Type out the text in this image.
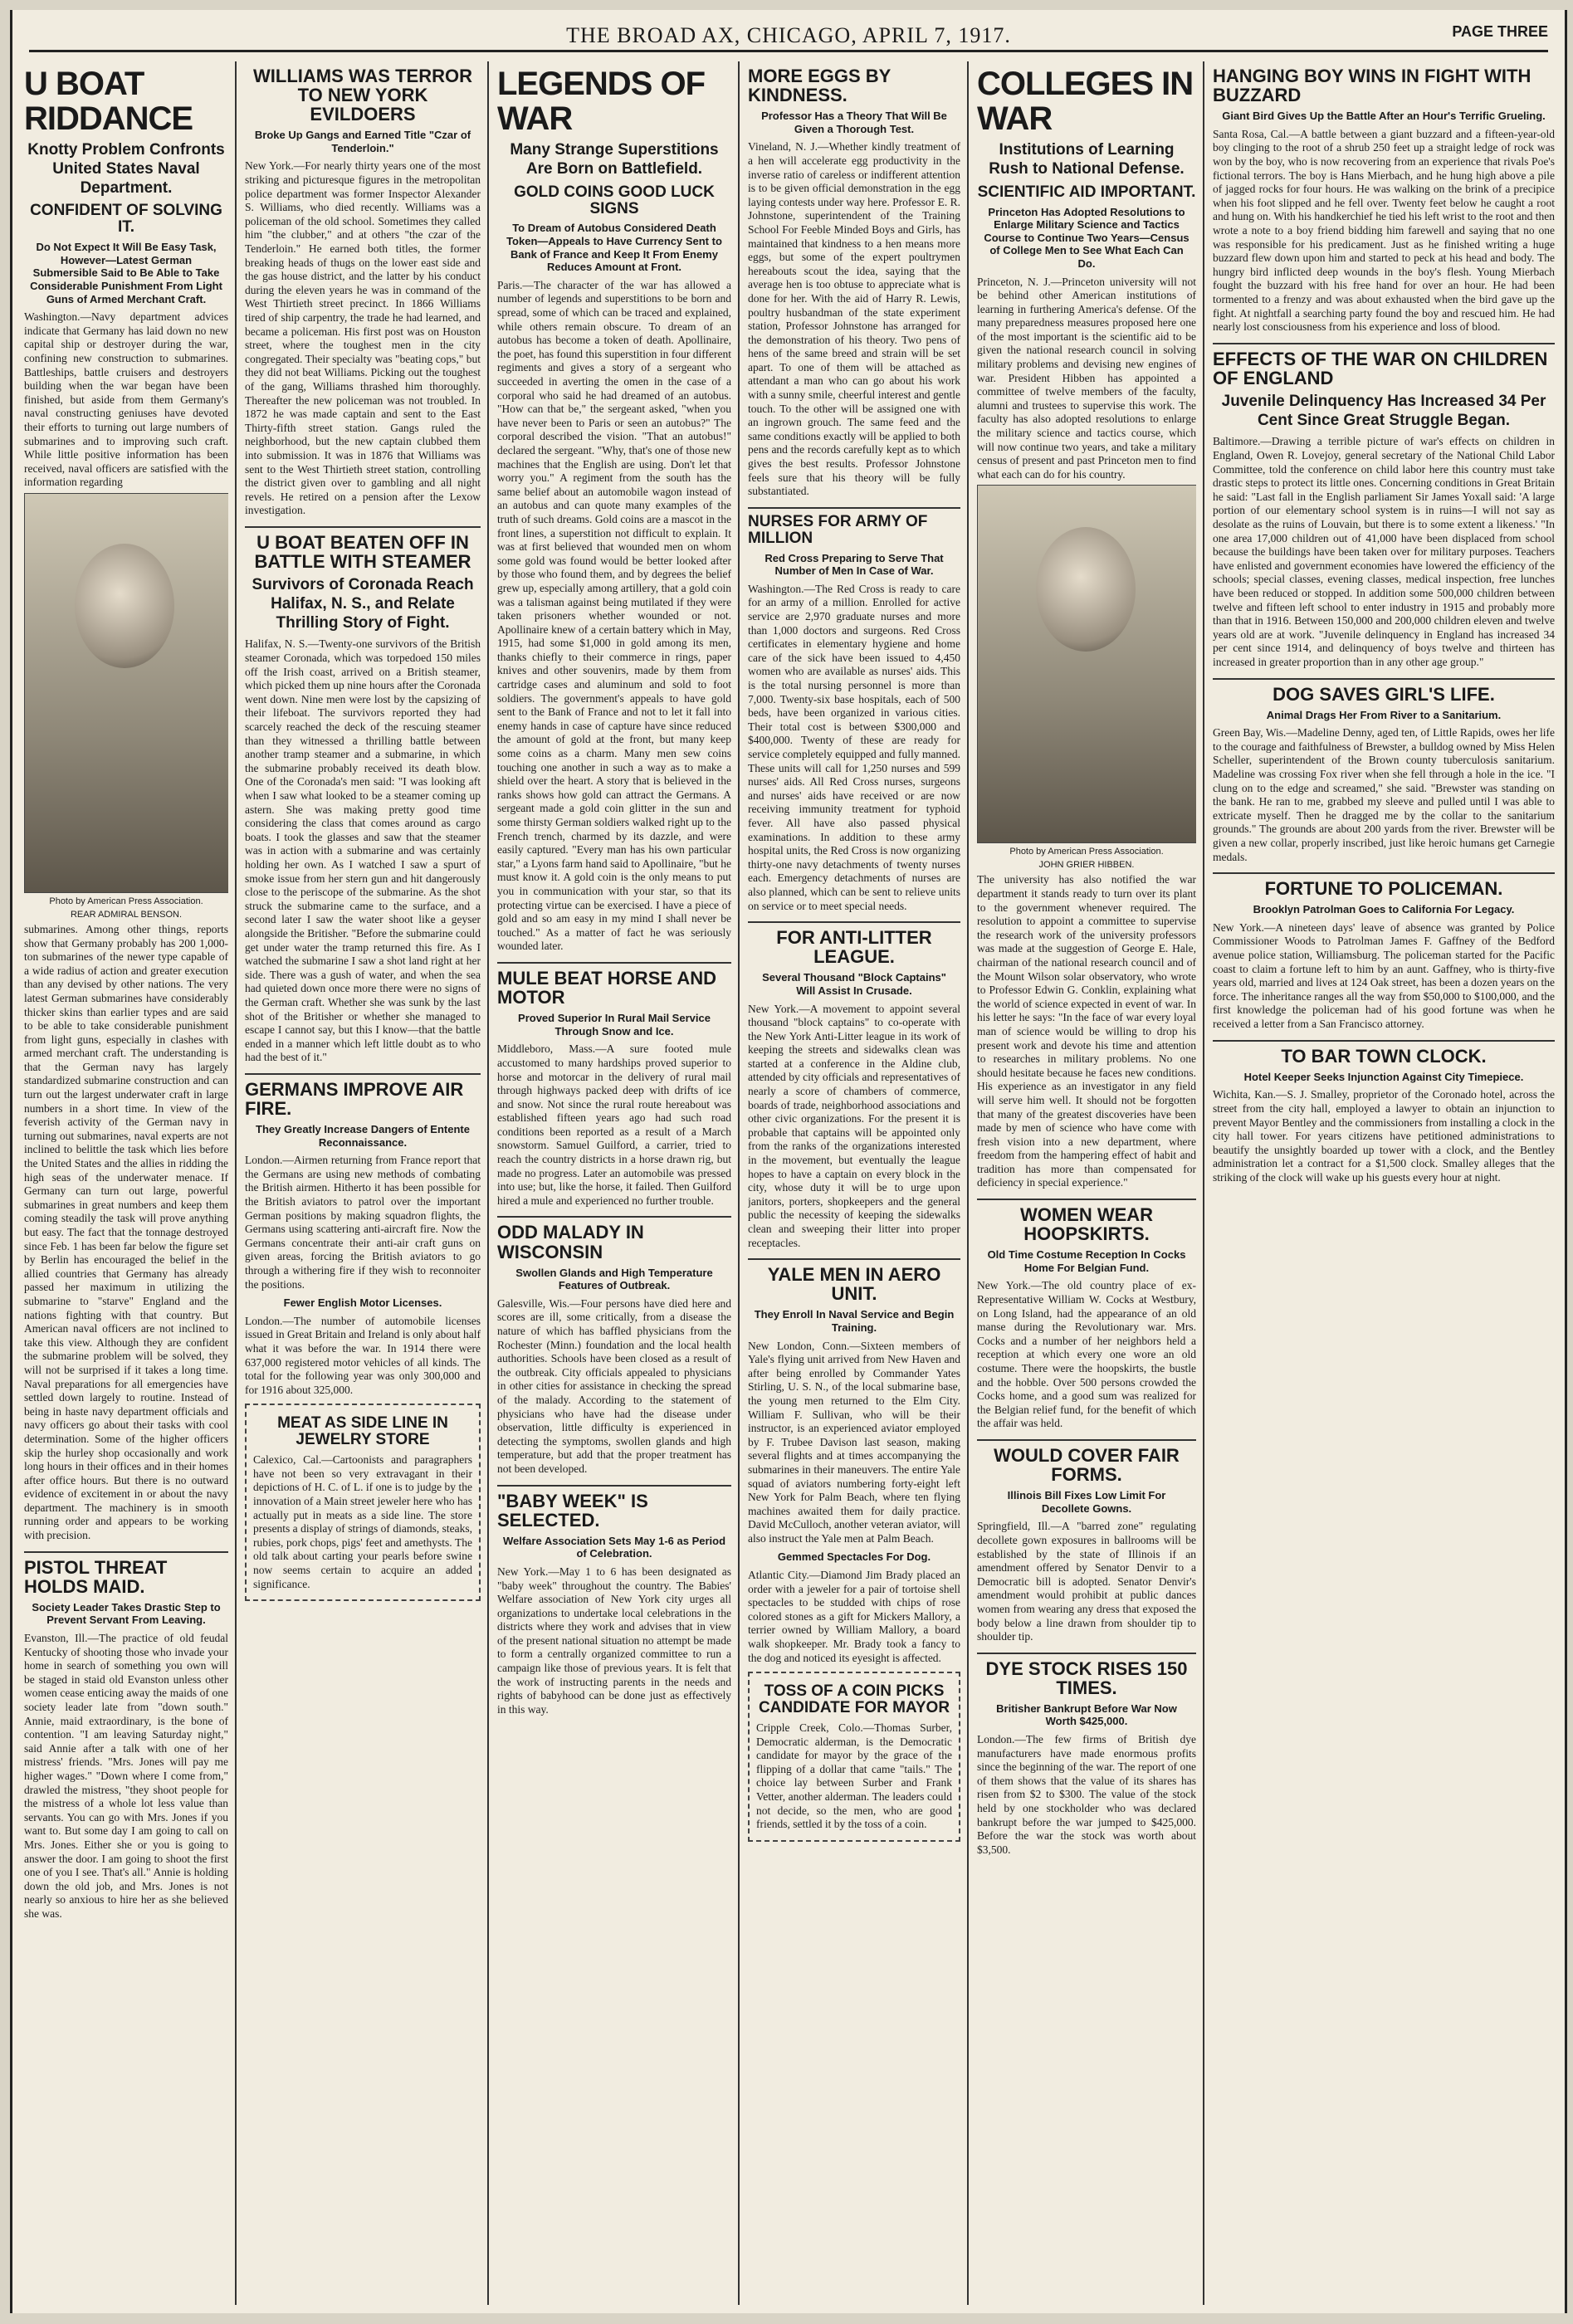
THE BROAD AX, CHICAGO, APRIL 7, 1917.	PAGE THREE
U BOAT RIDDANCE
Knotty Problem Confronts United States Naval Department.
CONFIDENT OF SOLVING IT.
Do Not Expect It Will Be Easy Task, However—Latest German Submersible Said to Be Able to Take Considerable Punishment From Light Guns of Armed Merchant Craft.
Washington.—Navy department advices indicate that Germany has laid down no new capital ship or destroyer during the war, confining new construction to submarines. Battleships, battle cruisers and destroyers building when the war began have been finished, but aside from them Germany's naval constructing geniuses have devoted their efforts to turning out large numbers of submarines and to improving such craft. While little positive information has been received, naval officers are satisfied with the information regarding
Photo by American Press Association.
REAR ADMIRAL BENSON.
submarines. Among other things, reports show that Germany probably has 200 1,000-ton submarines of the newer type capable of a wide radius of action and greater execution than any devised by other nations. The very latest German submarines have considerably thicker skins than earlier types and are said to be able to take considerable punishment from light guns, especially in clashes with armed merchant craft. The understanding is that the German navy has largely standardized submarine construction and can turn out the largest underwater craft in large numbers in a short time. In view of the feverish activity of the German navy in turning out submarines, naval experts are not inclined to belittle the task which lies before the United States and the allies in ridding the high seas of the underwater menace. If Germany can turn out large, powerful submarines in great numbers and keep them coming steadily the task will prove anything but easy. The fact that the tonnage destroyed since Feb. 1 has been far below the figure set by Berlin has encouraged the belief in the allied countries that Germany has already passed her maximum in utilizing the submarine to "starve" England and the nations fighting with that country. But American naval officers are not inclined to take this view. Although they are confident the submarine problem will be solved, they will not be surprised if it takes a long time. Naval preparations for all emergencies have settled down largely to routine. Instead of being in haste navy department officials and navy officers go about their tasks with cool determination. Some of the higher officers skip the hurley shop occasionally and work long hours in their offices and in their homes after office hours. But there is no outward evidence of excitement in or about the navy department. The machinery is in smooth running order and appears to be working with precision.
PISTOL THREAT HOLDS MAID.
Society Leader Takes Drastic Step to Prevent Servant From Leaving.
Evanston, Ill.—The practice of old feudal Kentucky of shooting those who invade your home in search of something you own will be staged in staid old Evanston unless other women cease enticing away the maids of one society leader late from "down south." Annie, maid extraordinary, is the bone of contention. "I am leaving Saturday night," said Annie after a talk with one of her mistress' friends. "Mrs. Jones will pay me higher wages." "Down where I come from," drawled the mistress, "they shoot people for the mistress of a whole lot less value than servants. You can go with Mrs. Jones if you want to. But some day I am going to call on Mrs. Jones. Either she or you is going to answer the door. I am going to shoot the first one of you I see. That's all." Annie is holding down the old job, and Mrs. Jones is not nearly so anxious to hire her as she believed she was.
WILLIAMS WAS TERROR TO NEW YORK EVILDOERS
Broke Up Gangs and Earned Title "Czar of Tenderloin."
New York.—For nearly thirty years one of the most striking and picturesque figures in the metropolitan police department was former Inspector Alexander S. Williams, who died recently. Williams was a policeman of the old school. Sometimes they called him "the clubber," and at others "the czar of the Tenderloin." He earned both titles, the former breaking heads of thugs on the lower east side and the gas house district, and the latter by his conduct during the eleven years he was in command of the West Thirtieth street precinct. In 1866 Williams tired of ship carpentry, the trade he had learned, and became a policeman. His first post was on Houston street, where the toughest men in the city congregated. Their specialty was "beating cops," but they did not beat Williams. Picking out the toughest of the gang, Williams thrashed him thoroughly. Thereafter the new policeman was not troubled. In 1872 he was made captain and sent to the East Thirty-fifth street station. Gangs ruled the neighborhood, but the new captain clubbed them into submission. It was in 1876 that Williams was sent to the West Thirtieth street station, controlling the district given over to gambling and all night revels. He retired on a pension after the Lexow investigation.
U BOAT BEATEN OFF IN BATTLE WITH STEAMER
Survivors of Coronada Reach Halifax, N. S., and Relate Thrilling Story of Fight.
Halifax, N. S.—Twenty-one survivors of the British steamer Coronada, which was torpedoed 150 miles off the Irish coast, arrived on a British steamer, which picked them up nine hours after the Coronada went down. Nine men were lost by the capsizing of their lifeboat. The survivors reported they had scarcely reached the deck of the rescuing steamer than they witnessed a thrilling battle between another tramp steamer and a submarine, in which the submarine probably received its death blow. One of the Coronada's men said: "I was looking aft when I saw what looked to be a steamer coming up astern. She was making pretty good time considering the class that comes around as cargo boats. I took the glasses and saw that the steamer was in action with a submarine and was certainly holding her own. As I watched I saw a spurt of smoke issue from her stern gun and hit dangerously close to the periscope of the submarine. As the shot struck the submarine came to the surface, and a second later I saw the water shoot like a geyser alongside the Britisher. "Before the submarine could get under water the tramp returned this fire. As I watched the submarine I saw a shot land right at her side. There was a gush of water, and when the sea had quieted down once more there were no signs of the German craft. Whether she was sunk by the last shot of the Britisher or whether she managed to escape I cannot say, but this I know—that the battle ended in a manner which left little doubt as to who had the best of it."
GERMANS IMPROVE AIR FIRE.
They Greatly Increase Dangers of Entente Reconnaissance.
London.—Airmen returning from France report that the Germans are using new methods of combating the British airmen. Hitherto it has been possible for the British aviators to patrol over the important German positions by making squadron flights, the Germans using scattering anti-aircraft fire. Now the Germans concentrate their anti-air craft guns on given areas, forcing the British aviators to go through a withering fire if they wish to reconnoiter the positions.
Fewer English Motor Licenses.
London.—The number of automobile licenses issued in Great Britain and Ireland is only about half what it was before the war. In 1914 there were 637,000 registered motor vehicles of all kinds. The total for the following year was only 300,000 and for 1916 about 325,000.
MEAT AS SIDE LINE IN JEWELRY STORE
Calexico, Cal.—Cartoonists and paragraphers have not been so very extravagant in their depictions of H. C. of L. if one is to judge by the innovation of a Main street jeweler here who has actually put in meats as a side line. The store presents a display of strings of diamonds, steaks, rubies, pork chops, pigs' feet and amethysts. The old talk about carting your pearls before swine now seems certain to acquire an added significance.
LEGENDS OF WAR
Many Strange Superstitions Are Born on Battlefield.
GOLD COINS GOOD LUCK SIGNS
To Dream of Autobus Considered Death Token—Appeals to Have Currency Sent to Bank of France and Keep It From Enemy Reduces Amount at Front.
Paris.—The character of the war has allowed a number of legends and superstitions to be born and spread, some of which can be traced and explained, while others remain obscure. To dream of an autobus has become a token of death. Apollinaire, the poet, has found this superstition in four different regiments and gives a story of a sergeant who succeeded in averting the omen in the case of a corporal who said he had dreamed of an autobus. "How can that be," the sergeant asked, "when you have never been to Paris or seen an autobus?" The corporal described the vision. "That an autobus!" declared the sergeant. "Why, that's one of those new machines that the English are using. Don't let that worry you." A regiment from the south has the same belief about an automobile wagon instead of an autobus and can quote many examples of the truth of such dreams. Gold coins are a mascot in the front lines, a superstition not difficult to explain. It was at first believed that wounded men on whom some gold was found would be better looked after by those who found them, and by degrees the belief grew up, especially among artillery, that a gold coin was a talisman against being mutilated if they were taken prisoners whether wounded or not. Apollinaire knew of a certain battery which in May, 1915, had some $1,000 in gold among its men, thanks chiefly to their commerce in rings, paper knives and other souvenirs, made by them from cartridge cases and aluminum and sold to foot soldiers. The government's appeals to have gold sent to the Bank of France and not to let it fall into enemy hands in case of capture have since reduced the amount of gold at the front, but many keep some coins as a charm. Many men sew coins touching one another in such a way as to make a shield over the heart. A story that is believed in the ranks shows how gold can attract the Germans. A sergeant made a gold coin glitter in the sun and some thirsty German soldiers walked right up to the French trench, charmed by its dazzle, and were easily captured. "Every man has his own particular star," a Lyons farm hand said to Apollinaire, "but he must know it. A gold coin is the only means to put you in communication with your star, so that its protecting virtue can be exercised. I have a piece of gold and so am easy in my mind I shall never be touched." As a matter of fact he was seriously wounded later.
MULE BEAT HORSE AND MOTOR
Proved Superior In Rural Mail Service Through Snow and Ice.
Middleboro, Mass.—A sure footed mule accustomed to many hardships proved superior to horse and motorcar in the delivery of rural mail through highways packed deep with drifts of ice and snow. Not since the rural route hereabout was established fifteen years ago had such road conditions been reported as a result of a March snowstorm. Samuel Guilford, a carrier, tried to reach the country districts in a horse drawn rig, but made no progress. Later an automobile was pressed into use; but, like the horse, it failed. Then Guilford hired a mule and experienced no further trouble.
ODD MALADY IN WISCONSIN
Swollen Glands and High Temperature Features of Outbreak.
Galesville, Wis.—Four persons have died here and scores are ill, some critically, from a disease the nature of which has baffled physicians from the Rochester (Minn.) foundation and the local health authorities. Schools have been closed as a result of the outbreak. City officials appealed to physicians in other cities for assistance in checking the spread of the malady. According to the statement of physicians who have had the disease under observation, little difficulty is experienced in detecting the symptoms, swollen glands and high temperature, but add that the proper treatment has not been developed.
"BABY WEEK" IS SELECTED.
Welfare Association Sets May 1-6 as Period of Celebration.
New York.—May 1 to 6 has been designated as "baby week" throughout the country. The Babies' Welfare association of New York city urges all organizations to undertake local celebrations in the districts where they work and advises that in view of the present national situation no attempt be made to form a centrally organized committee to run a campaign like those of previous years. It is felt that the work of instructing parents in the needs and rights of babyhood can be done just as effectively in this way.
MORE EGGS BY KINDNESS.
Professor Has a Theory That Will Be Given a Thorough Test.
Vineland, N. J.—Whether kindly treatment of a hen will accelerate egg productivity in the inverse ratio of careless or indifferent attention is to be given official demonstration in the egg laying contests under way here. Professor E. R. Johnstone, superintendent of the Training School For Feeble Minded Boys and Girls, has maintained that kindness to a hen means more eggs, but some of the expert poultrymen hereabouts scout the idea, saying that the average hen is too obtuse to appreciate what is done for her. With the aid of Harry R. Lewis, poultry husbandman of the state experiment station, Professor Johnstone has arranged for the demonstration of his theory. Two pens of hens of the same breed and strain will be set apart. To one of them will be attached as attendant a man who can go about his work with a sunny smile, cheerful interest and gentle touch. To the other will be assigned one with an ingrown grouch. The same feed and the same conditions exactly will be applied to both pens and the records carefully kept as to which gives the best results. Professor Johnstone feels sure that his theory will be fully substantiated.
NURSES FOR ARMY OF MILLION
Red Cross Preparing to Serve That Number of Men In Case of War.
Washington.—The Red Cross is ready to care for an army of a million. Enrolled for active service are 2,970 graduate nurses and more than 1,000 doctors and surgeons. Red Cross certificates in elementary hygiene and home care of the sick have been issued to 4,450 women who are available as nurses' aids. This is the total nursing personnel is more than 7,000. Twenty-six base hospitals, each of 500 beds, have been organized in various cities. Their total cost is between $300,000 and $400,000. Twenty of these are ready for service completely equipped and fully manned. These units will call for 1,250 nurses and 599 nurses' aids. All Red Cross nurses, surgeons and nurses' aids have received or are now receiving immunity treatment for typhoid fever. All have also passed physical examinations. In addition to these army hospital units, the Red Cross is now organizing thirty-one navy detachments of twenty nurses each. Emergency detachments of nurses are also planned, which can be sent to relieve units on service or to meet special needs.
FOR ANTI-LITTER LEAGUE.
Several Thousand "Block Captains" Will Assist In Crusade.
New York.—A movement to appoint several thousand "block captains" to co-operate with the New York Anti-Litter league in its work of keeping the streets and sidewalks clean was started at a conference in the Aldine club, attended by city officials and representatives of nearly a score of chambers of commerce, boards of trade, neighborhood associations and other civic organizations. For the present it is probable that captains will be appointed only from the ranks of the organizations interested in the movement, but eventually the league hopes to have a captain on every block in the city, whose duty it will be to urge upon janitors, porters, shopkeepers and the general public the necessity of keeping the sidewalks clean and sweeping their litter into proper receptacles.
YALE MEN IN AERO UNIT.
They Enroll In Naval Service and Begin Training.
New London, Conn.—Sixteen members of Yale's flying unit arrived from New Haven and after being enrolled by Commander Yates Stirling, U. S. N., of the local submarine base, the young men returned to the Elm City. William F. Sullivan, who will be their instructor, is an experienced aviator employed by F. Trubee Davison last season, making several flights and at times accompanying the submarines in their maneuvers. The entire Yale squad of aviators numbering forty-eight left New York for Palm Beach, where ten flying machines awaited them for daily practice. David McCulloch, another veteran aviator, will also instruct the Yale men at Palm Beach.
Gemmed Spectacles For Dog.
Atlantic City.—Diamond Jim Brady placed an order with a jeweler for a pair of tortoise shell spectacles to be studded with chips of rose colored stones as a gift for Mickers Mallory, a terrier owned by William Mallory, a board walk shopkeeper. Mr. Brady took a fancy to the dog and noticed its eyesight is affected.
TOSS OF A COIN PICKS CANDIDATE FOR MAYOR
Cripple Creek, Colo.—Thomas Surber, Democratic alderman, is the Democratic candidate for mayor by the grace of the flipping of a dollar that came "tails." The choice lay between Surber and Frank Vetter, another alderman. The leaders could not decide, so the men, who are good friends, settled it by the toss of a coin.
COLLEGES IN WAR
Institutions of Learning Rush to National Defense.
SCIENTIFIC AID IMPORTANT.
Princeton Has Adopted Resolutions to Enlarge Military Science and Tactics Course to Continue Two Years—Census of College Men to See What Each Can Do.
Princeton, N. J.—Princeton university will not be behind other American institutions of learning in furthering America's defense. Of the many preparedness measures proposed here one of the most important is the scientific aid to be given the national research council in solving military problems and devising new engines of war. President Hibben has appointed a committee of twelve members of the faculty, alumni and trustees to supervise this work. The faculty has also adopted resolutions to enlarge the military science and tactics course, which will now continue two years, and take a military census of present and past Princeton men to find what each can do for his country.
Photo by American Press Association.
JOHN GRIER HIBBEN.
The university has also notified the war department it stands ready to turn over its plant to the government whenever required. The resolution to appoint a committee to supervise the research work of the university professors was made at the suggestion of George E. Hale, chairman of the national research council and of the Mount Wilson solar observatory, who wrote to Professor Edwin G. Conklin, explaining what the world of science expected in event of war. In his letter he says: "In the face of war every loyal man of science would be willing to drop his present work and devote his time and attention to researches in military problems. No one should hesitate because he faces new conditions. His experience as an investigator in any field will serve him well. It should not be forgotten that many of the greatest discoveries have been made by men of science who have come with fresh vision into a new department, where freedom from the hampering effect of habit and tradition has more than compensated for deficiency in special experience."
WOMEN WEAR HOOPSKIRTS.
Old Time Costume Reception In Cocks Home For Belgian Fund.
New York.—The old country place of ex-Representative William W. Cocks at Westbury, on Long Island, had the appearance of an old manse during the Revolutionary war. Mrs. Cocks and a number of her neighbors held a reception at which every one wore an old costume. There were the hoopskirts, the bustle and the hobble. Over 500 persons crowded the Cocks home, and a good sum was realized for the Belgian relief fund, for the benefit of which the affair was held.
WOULD COVER FAIR FORMS.
Illinois Bill Fixes Low Limit For Decollete Gowns.
Springfield, Ill.—A "barred zone" regulating decollete gown exposures in ballrooms will be established by the state of Illinois if an amendment offered by Senator Denvir to a Democratic bill is adopted. Senator Denvir's amendment would prohibit at public dances women from wearing any dress that exposed the body below a line drawn from shoulder tip to shoulder tip.
DYE STOCK RISES 150 TIMES.
Britisher Bankrupt Before War Now Worth $425,000.
London.—The few firms of British dye manufacturers have made enormous profits since the beginning of the war. The report of one of them shows that the value of its shares has risen from $2 to $300. The value of the stock held by one stockholder who was declared bankrupt before the war jumped to $425,000. Before the war the stock was worth about $3,500.
HANGING BOY WINS IN FIGHT WITH BUZZARD
Giant Bird Gives Up the Battle After an Hour's Terrific Grueling.
Santa Rosa, Cal.—A battle between a giant buzzard and a fifteen-year-old boy clinging to the root of a shrub 250 feet up a straight ledge of rock was won by the boy, who is now recovering from an experience that rivals Poe's fictional terrors. The boy is Hans Mierbach, and he hung high above a pile of jagged rocks for four hours. He was walking on the brink of a precipice when his foot slipped and he fell over. Twenty feet below he caught a root and hung on. With his handkerchief he tied his left wrist to the root and then wrote a note to a boy friend bidding him farewell and saying that no one was responsible for his predicament. Just as he finished writing a huge buzzard flew down upon him and started to peck at his head and body. The hungry bird inflicted deep wounds in the boy's flesh. Young Mierbach fought the buzzard with his free hand for over an hour. He had been tormented to a frenzy and was about exhausted when the bird gave up the fight. At nightfall a searching party found the boy and rescued him. He had nearly lost consciousness from his experience and loss of blood.
EFFECTS OF THE WAR ON CHILDREN OF ENGLAND
Juvenile Delinquency Has Increased 34 Per Cent Since Great Struggle Began.
Baltimore.—Drawing a terrible picture of war's effects on children in England, Owen R. Lovejoy, general secretary of the National Child Labor Committee, told the conference on child labor here this country must take drastic steps to protect its little ones. Concerning conditions in Great Britain he said: "Last fall in the English parliament Sir James Yoxall said: 'A large portion of our elementary school system is in ruins—I will not say as desolate as the ruins of Louvain, but there is to some extent a likeness.' "In one area 17,000 children out of 41,000 have been displaced from school because the buildings have been taken over for military purposes. Teachers have enlisted and government economies have lowered the efficiency of the schools; special classes, evening classes, medical inspection, free lunches have been reduced or stopped. In addition some 500,000 children between twelve and fifteen left school to enter industry in 1915 and probably more than that in 1916. Between 150,000 and 200,000 children eleven and twelve years old are at work. "Juvenile delinquency in England has increased 34 per cent since 1914, and delinquency of boys twelve and thirteen has increased in greater proportion than in any other age group."
DOG SAVES GIRL'S LIFE.
Animal Drags Her From River to a Sanitarium.
Green Bay, Wis.—Madeline Denny, aged ten, of Little Rapids, owes her life to the courage and faithfulness of Brewster, a bulldog owned by Miss Helen Scheller, superintendent of the Brown county tuberculosis sanitarium. Madeline was crossing Fox river when she fell through a hole in the ice. "I clung on to the edge and screamed," she said. "Brewster was standing on the bank. He ran to me, grabbed my sleeve and pulled until I was able to extricate myself. Then he dragged me by the collar to the sanitarium grounds." The grounds are about 200 yards from the river. Brewster will be given a new collar, properly inscribed, just like heroic humans get Carnegie medals.
FORTUNE TO POLICEMAN.
Brooklyn Patrolman Goes to California For Legacy.
New York.—A nineteen days' leave of absence was granted by Police Commissioner Woods to Patrolman James F. Gaffney of the Bedford avenue police station, Williamsburg. The policeman started for the Pacific coast to claim a fortune left to him by an aunt. Gaffney, who is thirty-five years old, married and lives at 124 Oak street, has been a dozen years on the force. The inheritance ranges all the way from $50,000 to $100,000, and the first knowledge the policeman had of his good fortune was when he received a letter from a San Francisco attorney.
TO BAR TOWN CLOCK.
Hotel Keeper Seeks Injunction Against City Timepiece.
Wichita, Kan.—S. J. Smalley, proprietor of the Coronado hotel, across the street from the city hall, employed a lawyer to obtain an injunction to prevent Mayor Bentley and the commissioners from installing a clock in the city hall tower. For years citizens have petitioned administrations to beautify the unsightly boarded up tower with a clock, and the Bentley administration let a contract for a $1,500 clock. Smalley alleges that the striking of the clock will wake up his guests every hour at night.
